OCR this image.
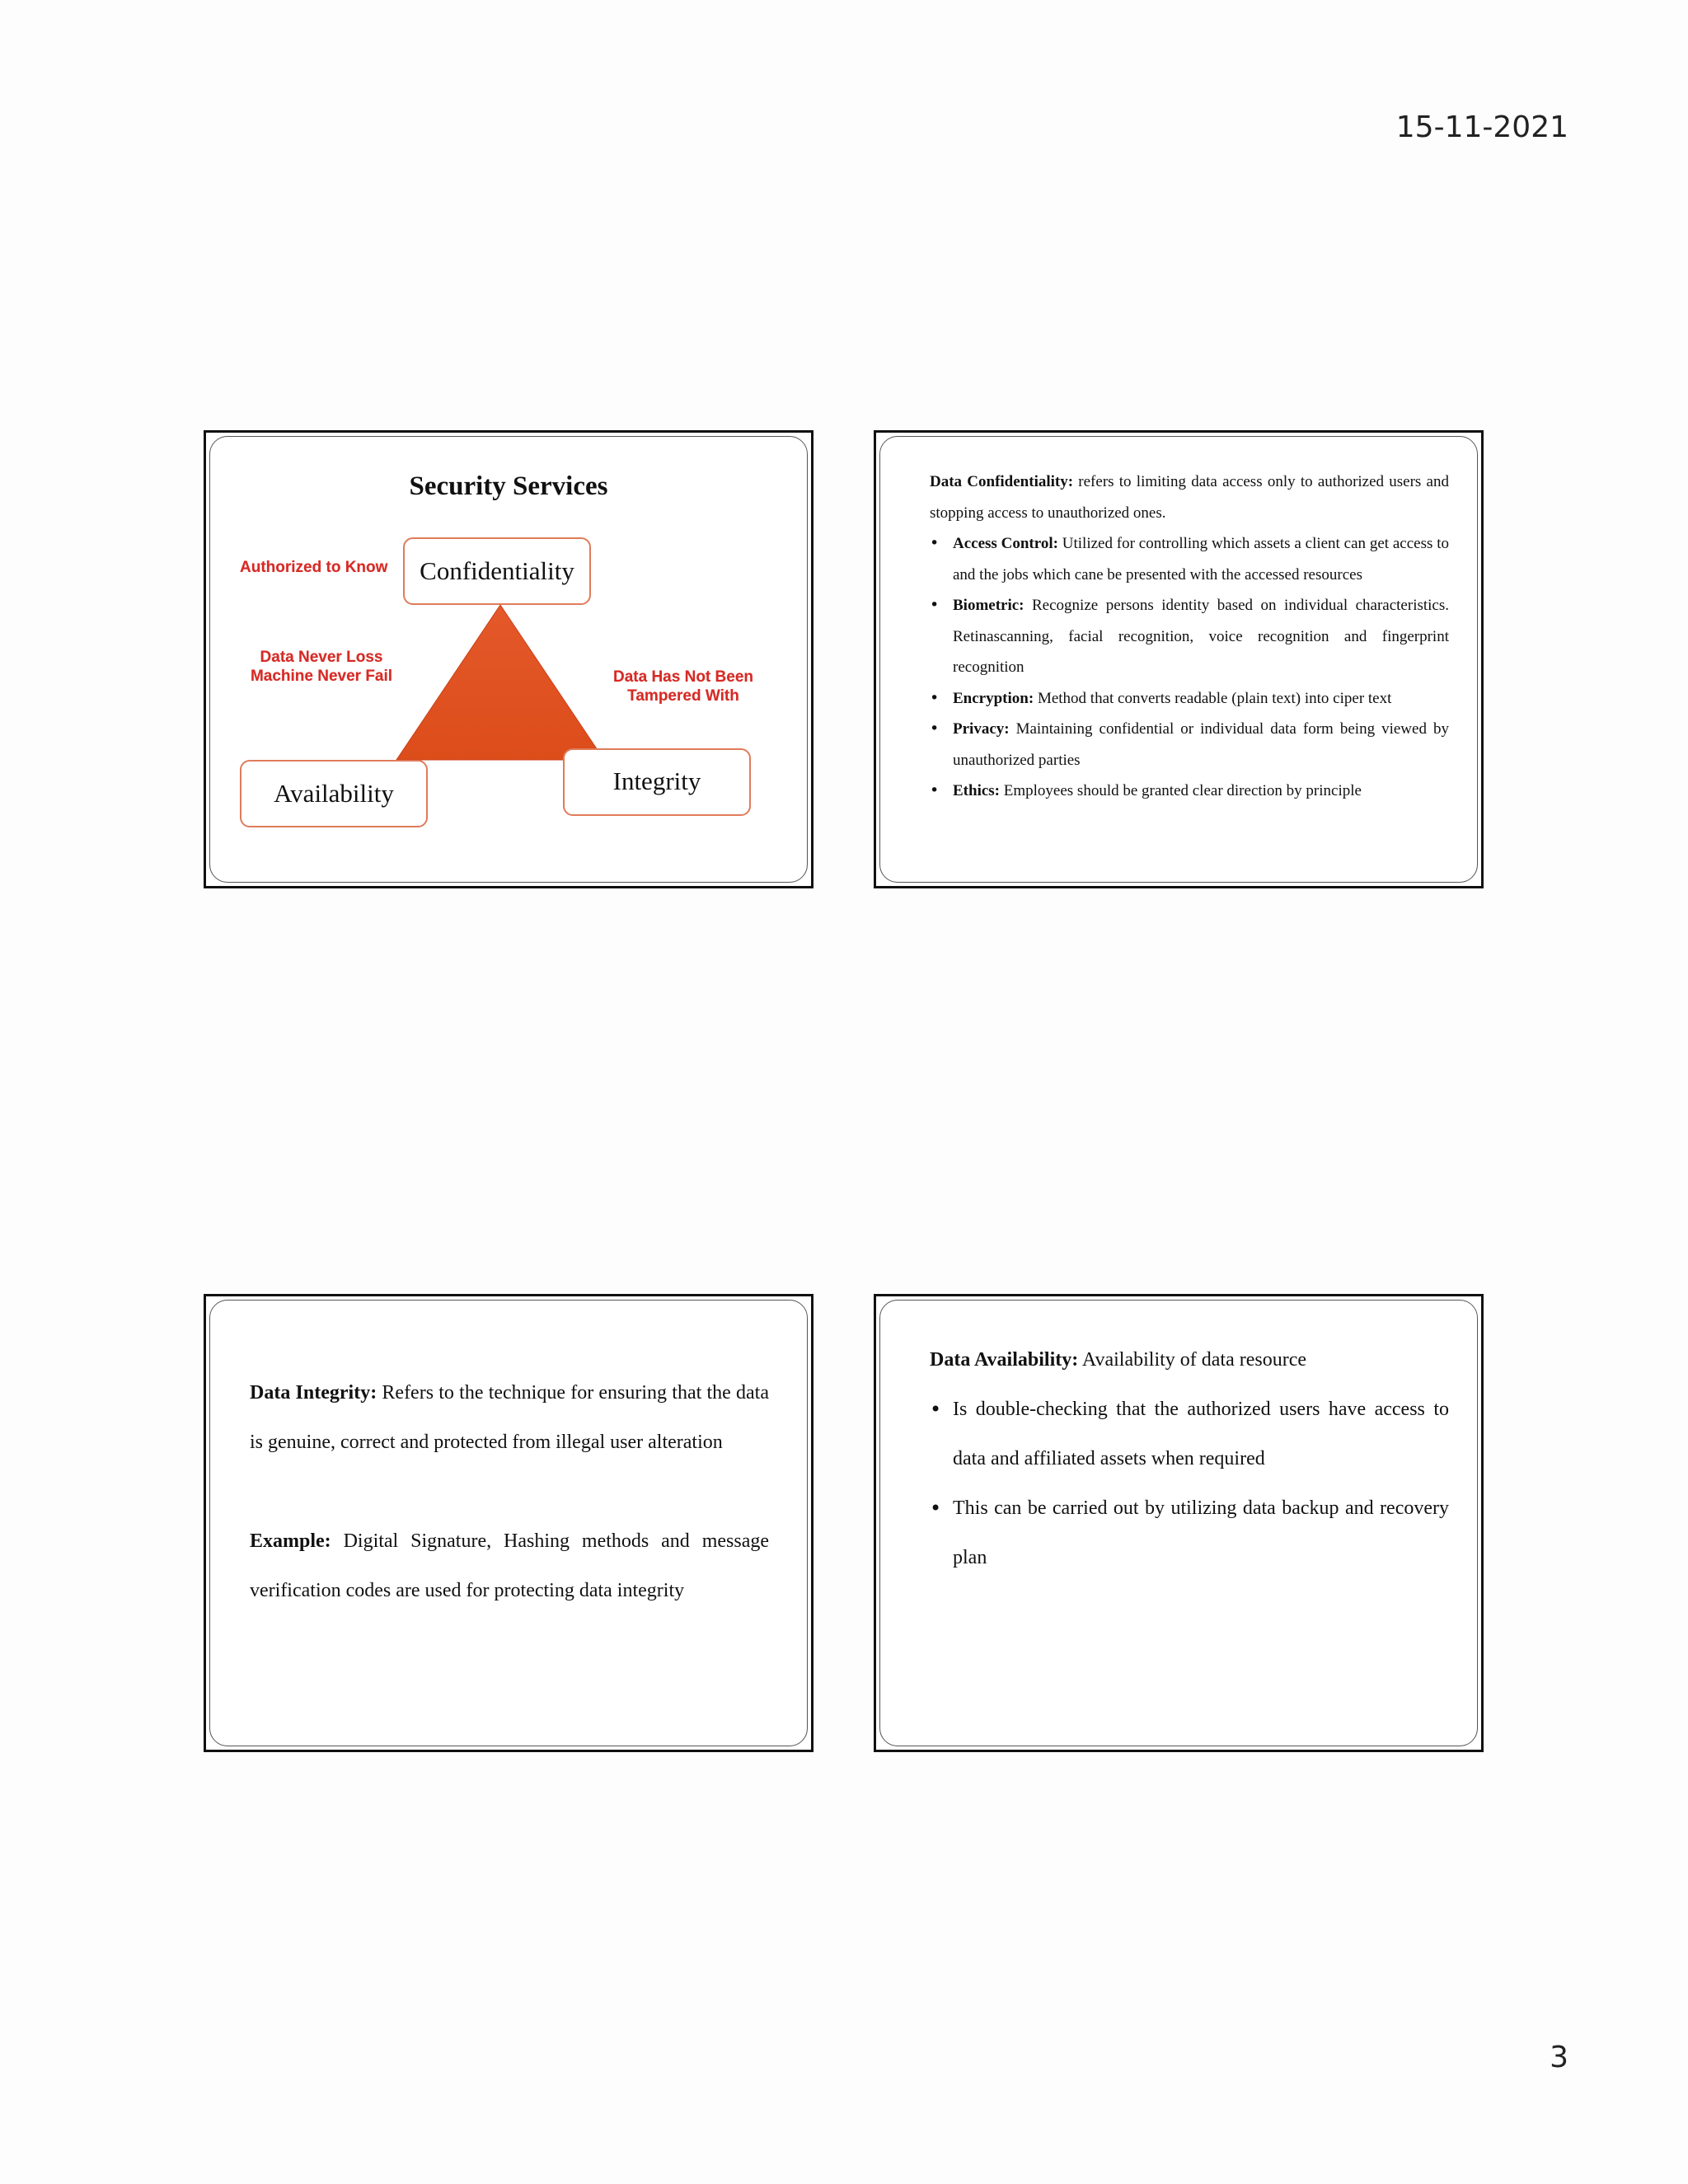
15-11-2021
Security Services
Authorized to Know
Data Never Loss
Machine Never Fail	Data Has Not Been
Tampered With
Confidentiality
Availability	Integrity

Data Confidentiality: refers to limiting data access only to authorized users and stopping access to unauthorized ones.

• Access Control: Utilized for controlling which assets a client can get access to and the jobs which cane be presented with the accessed resources
• Biometric: Recognize persons identity based on individual characteristics. Retinascanning, facial recognition, voice recognition and fingerprint recognition
• Encryption: Method that converts readable (plain text) into ciper text
• Privacy: Maintaining confidential or individual data form being viewed by unauthorized parties
• Ethics: Employees should be granted clear direction by principle

Data Integrity: Refers to the technique for ensuring that the data is genuine, correct and protected from illegal user alteration

Example: Digital Signature, Hashing methods and message verification codes are used for protecting data integrity

Data Availability: Availability of data resource

• Is double-checking that the authorized users have access to data and affiliated assets when required
• This can be carried out by utilizing data backup and recovery plan
3
